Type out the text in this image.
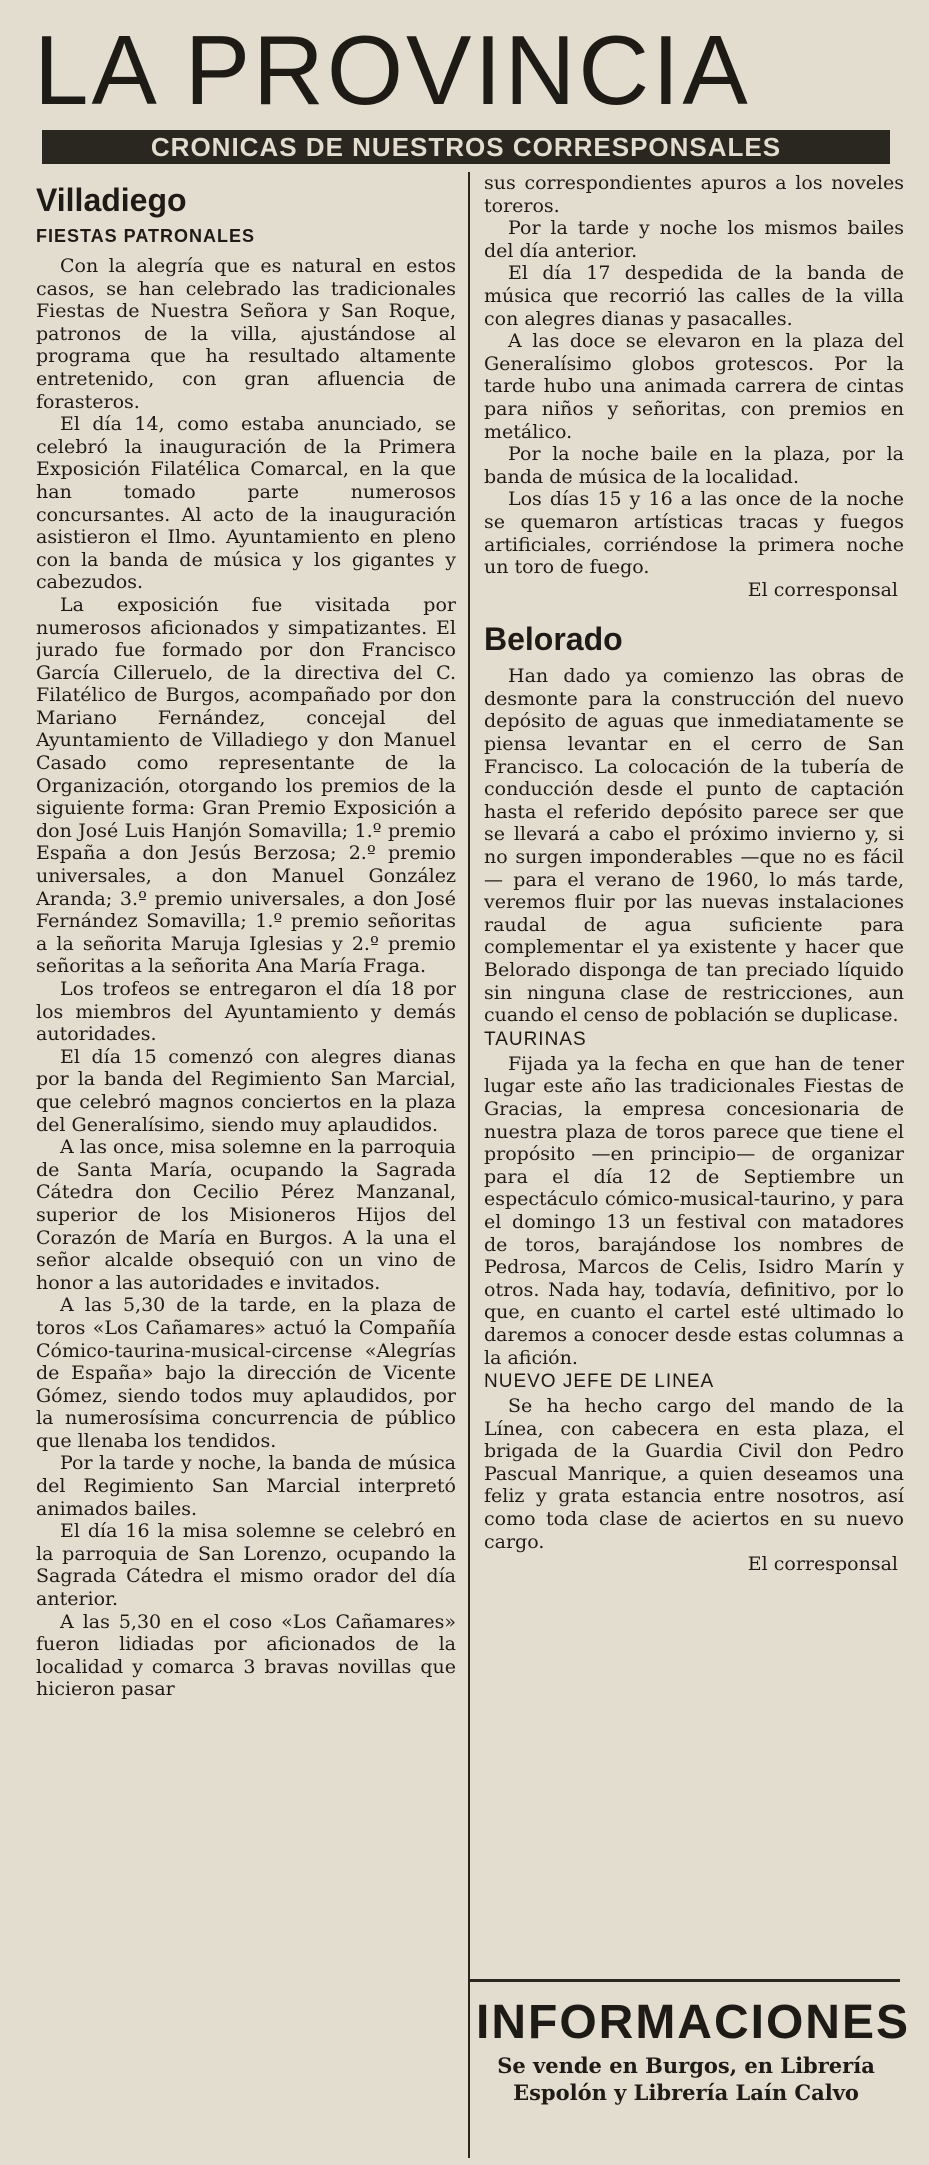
LA PROVINCIA
CRONICAS DE NUESTROS CORRESPONSALES
Villadiego
FIESTAS PATRONALES

Con la alegría que es natural en estos casos, se han celebrado las tradicionales Fiestas de Nuestra Señora y San Roque, patronos de la villa, ajustándose al programa que ha resultado altamente entretenido, con gran afluencia de forasteros.

El día 14, como estaba anunciado, se celebró la inauguración de la Primera Exposición Filatélica Comarcal, en la que han tomado parte numerosos concursantes. Al acto de la inauguración asistieron el Ilmo. Ayuntamiento en pleno con la banda de música y los gigantes y cabezudos.

La exposición fue visitada por numerosos aficionados y simpatizantes. El jurado fue formado por don Francisco García Cilleruelo, de la directiva del C. Filatélico de Burgos, acompañado por don Mariano Fernández, concejal del Ayuntamiento de Villadiego y don Manuel Casado como representante de la Organización, otorgando los premios de la siguiente forma: Gran Premio Exposición a don José Luis Hanjón Somavilla; 1.º premio España a don Jesús Berzosa; 2.º premio universales, a don Manuel González Aranda; 3.º premio universales, a don José Fernández Somavilla; 1.º premio señoritas a la señorita Maruja Iglesias y 2.º premio señoritas a la señorita Ana María Fraga.

Los trofeos se entregaron el día 18 por los miembros del Ayuntamiento y demás autoridades.

El día 15 comenzó con alegres dianas por la banda del Regimiento San Marcial, que celebró magnos conciertos en la plaza del Generalísimo, siendo muy aplaudidos.

A las once, misa solemne en la parroquia de Santa María, ocupando la Sagrada Cátedra don Cecilio Pérez Manzanal, superior de los Misioneros Hijos del Corazón de María en Burgos. A la una el señor alcalde obsequió con un vino de honor a las autoridades e invitados.

A las 5,30 de la tarde, en la plaza de toros «Los Cañamares» actuó la Compañía Cómico-taurina-musical-circense «Alegrías de España» bajo la dirección de Vicente Gómez, siendo todos muy aplaudidos, por la numerosísima concurrencia de público que llenaba los tendidos.

Por la tarde y noche, la banda de música del Regimiento San Marcial interpretó animados bailes.

El día 16 la misa solemne se celebró en la parroquia de San Lorenzo, ocupando la Sagrada Cátedra el mismo orador del día anterior.

A las 5,30 en el coso «Los Cañamares» fueron lidiadas por aficionados de la localidad y comarca 3 bravas novillas que hicieron pasar

sus correspondientes apuros a los noveles toreros.

Por la tarde y noche los mismos bailes del día anterior.

El día 17 despedida de la banda de música que recorrió las calles de la villa con alegres dianas y pasacalles.

A las doce se elevaron en la plaza del Generalísimo globos grotescos. Por la tarde hubo una animada carrera de cintas para niños y señoritas, con premios en metálico.

Por la noche baile en la plaza, por la banda de música de la localidad.

Los días 15 y 16 a las once de la noche se quemaron artísticas tracas y fuegos artificiales, corriéndose la primera noche un toro de fuego.

El corresponsal

Belorado

Han dado ya comienzo las obras de desmonte para la construcción del nuevo depósito de aguas que inmediatamente se piensa levantar en el cerro de San Francisco. La colocación de la tubería de conducción desde el punto de captación hasta el referido depósito parece ser que se llevará a cabo el próximo invierno y, si no surgen imponderables —que no es fácil— para el verano de 1960, lo más tarde, veremos fluir por las nuevas instalaciones raudal de agua suficiente para complementar el ya existente y hacer que Belorado disponga de tan preciado líquido sin ninguna clase de restricciones, aun cuando el censo de población se duplicase.

TAURINAS

Fijada ya la fecha en que han de tener lugar este año las tradicionales Fiestas de Gracias, la empresa concesionaria de nuestra plaza de toros parece que tiene el propósito —en principio— de organizar para el día 12 de Septiembre un espectáculo cómico-musical-taurino, y para el domingo 13 un festival con matadores de toros, barajándose los nombres de Pedrosa, Marcos de Celis, Isidro Marín y otros. Nada hay, todavía, definitivo, por lo que, en cuanto el cartel esté ultimado lo daremos a conocer desde estas columnas a la afición.

NUEVO JEFE DE LINEA

Se ha hecho cargo del mando de la Línea, con cabecera en esta plaza, el brigada de la Guardia Civil don Pedro Pascual Manrique, a quien deseamos una feliz y grata estancia entre nosotros, así como toda clase de aciertos en su nuevo cargo.

El corresponsal

INFORMACIONES
Se vende en Burgos, en Librería
Espolón y Librería Laín Calvo
